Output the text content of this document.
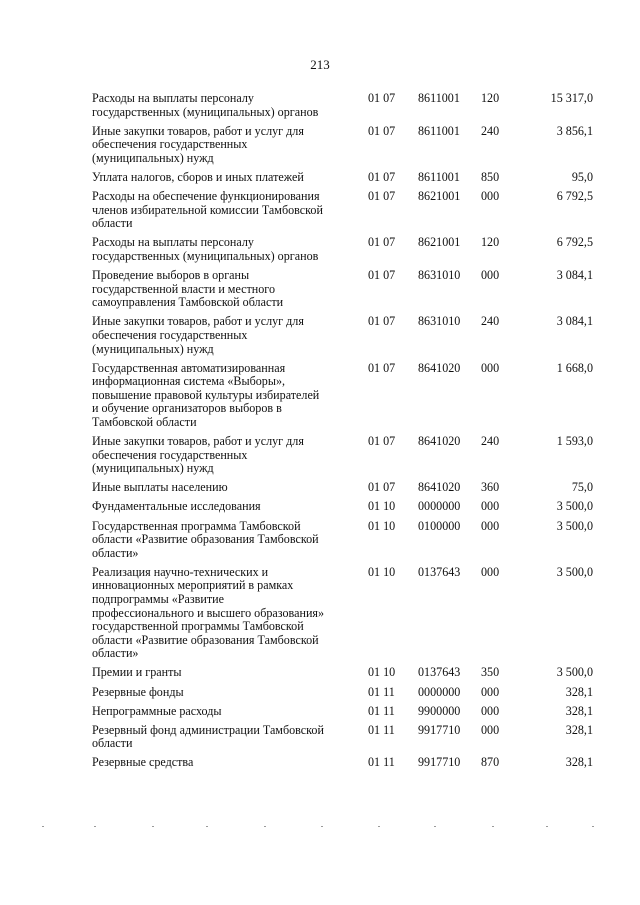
213
Расходы на выплаты персоналу
государственных (муниципальных) органов
01 07	8611001	120	15 317,0
Иные закупки товаров, работ и услуг для
обеспечения государственных
(муниципальных) нужд
01 07	8611001	240	3 856,1
Уплата налогов, сборов и иных платежей	01 07	8611001	850	95,0
Расходы на обеспечение функционирования
членов избирательной комиссии Тамбовской
области
01 07	8621001	000	6 792,5
Расходы на выплаты персоналу
государственных (муниципальных) органов
01 07	8621001	120	6 792,5
Проведение выборов в органы
государственной власти и местного
самоуправления Тамбовской области
01 07	8631010	000	3 084,1
Иные закупки товаров, работ и услуг для
обеспечения государственных
(муниципальных) нужд
01 07	8631010	240	3 084,1
Государственная автоматизированная
информационная система «Выборы»,
повышение правовой культуры избирателей
и обучение организаторов выборов в
Тамбовской области
01 07	8641020	000	1 668,0
Иные закупки товаров, работ и услуг для
обеспечения государственных
(муниципальных) нужд
01 07	8641020	240	1 593,0
Иные выплаты населению	01 07	8641020	360	75,0
Фундаментальные исследования	01 10	0000000	000	3 500,0
Государственная программа Тамбовской
области «Развитие образования Тамбовской
области»
01 10	0100000	000	3 500,0
Реализация научно-технических и
инновационных мероприятий в рамках
подпрограммы «Развитие
профессионального и высшего образования»
государственной программы Тамбовской
области «Развитие образования Тамбовской
области»
01 10	0137643	000	3 500,0
Премии и гранты	01 10	0137643	350	3 500,0
Резервные фонды	01 11	0000000	000	328,1
Непрограммные расходы	01 11	9900000	000	328,1
Резервный фонд администрации Тамбовской
области
01 11	9917710	000	328,1
Резервные средства	01 11	9917710	870	328,1
